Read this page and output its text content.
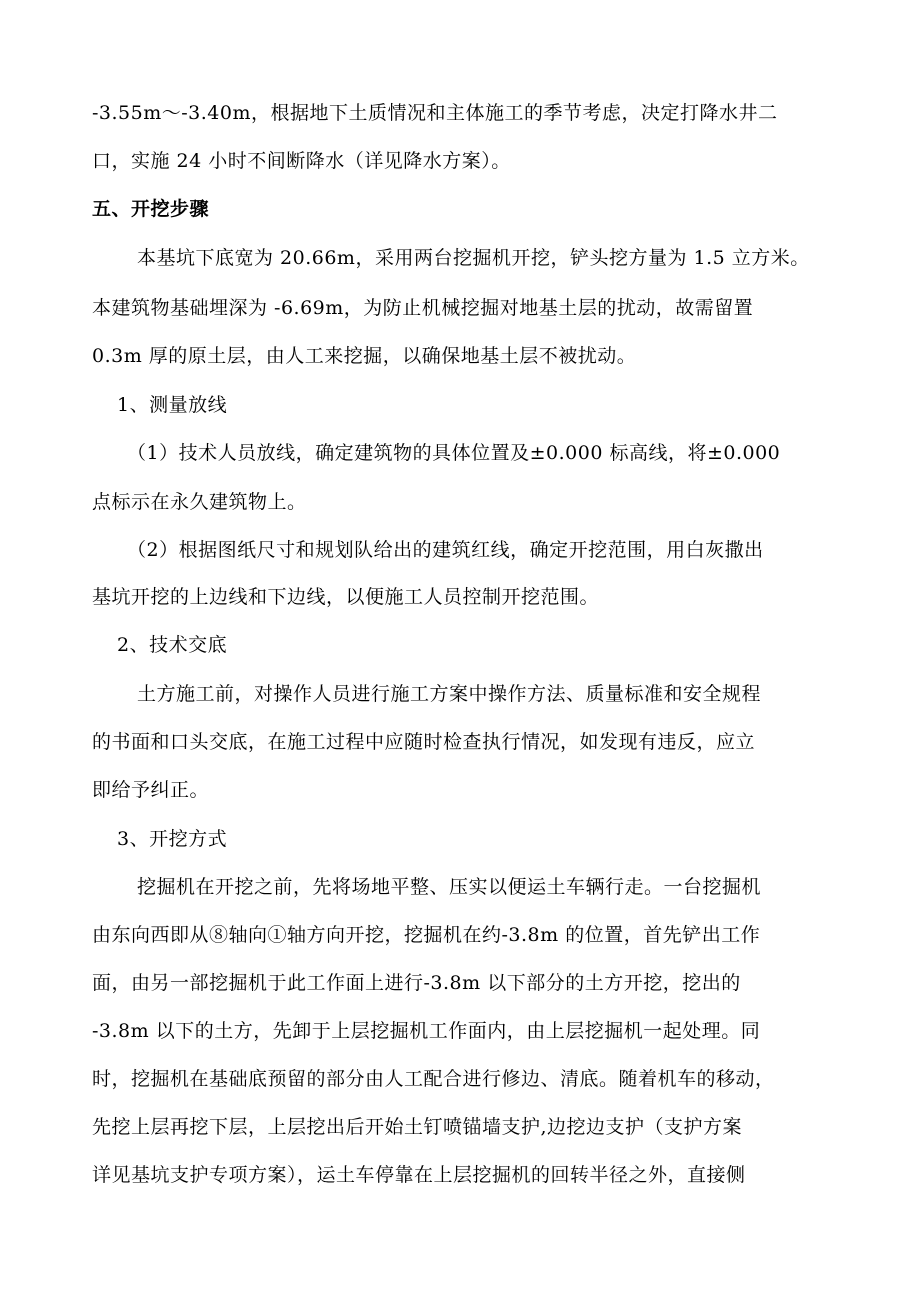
-3.55m～-3.40m，根据地下土质情况和主体施工的季节考虑，决定打降水井二
口，实施 24 小时不间断降水（详见降水方案）。
五、开挖步骤
本基坑下底宽为 20.66m，采用两台挖掘机开挖，铲头挖方量为 1.5 立方米。
本建筑物基础埋深为 -6.69m，为防止机械挖掘对地基土层的扰动，故需留置
0.3m 厚的原土层，由人工来挖掘，以确保地基土层不被扰动。
1、测量放线
（1）技术人员放线，确定建筑物的具体位置及±0.000 标高线，将±0.000
点标示在永久建筑物上。
（2）根据图纸尺寸和规划队给出的建筑红线，确定开挖范围，用白灰撒出
基坑开挖的上边线和下边线，以便施工人员控制开挖范围。
2、技术交底
土方施工前，对操作人员进行施工方案中操作方法、质量标准和安全规程
的书面和口头交底，在施工过程中应随时检查执行情况，如发现有违反，应立
即给予纠正。
3、开挖方式
挖掘机在开挖之前，先将场地平整、压实以便运土车辆行走。一台挖掘机
由东向西即从⑧轴向①轴方向开挖，挖掘机在约-3.8m 的位置，首先铲出工作
面，由另一部挖掘机于此工作面上进行-3.8m 以下部分的土方开挖，挖出的
-3.8m 以下的土方，先卸于上层挖掘机工作面内，由上层挖掘机一起处理。同
时，挖掘机在基础底预留的部分由人工配合进行修边、清底。随着机车的移动，
先挖上层再挖下层，上层挖出后开始土钉喷锚墙支护,边挖边支护（支护方案
详见基坑支护专项方案），运土车停靠在上层挖掘机的回转半径之外，直接侧
